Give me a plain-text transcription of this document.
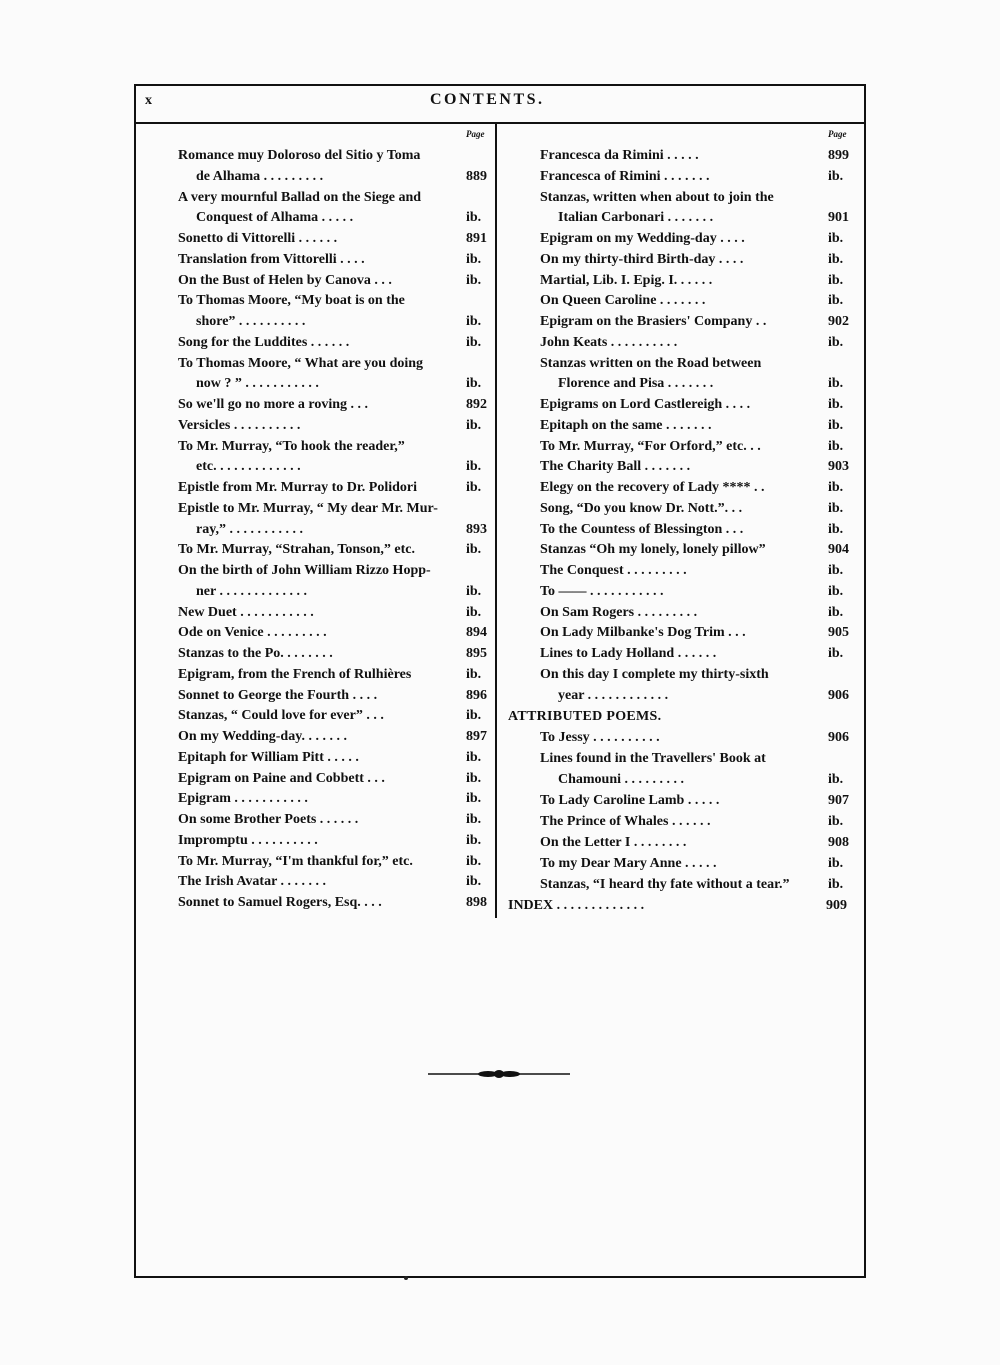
x	CONTENTS.
Page	Page
Romance muy Doloroso del Sitio y Toma
de Alhama . . . . . . . . .	889
A very mournful Ballad on the Siege and
Conquest of Alhama . . . . .	ib.
Sonetto di Vittorelli . . . . . .	891
Translation from Vittorelli . . . .	ib.
On the Bust of Helen by Canova . . .	ib.
To Thomas Moore, “My boat is on the
shore” . . . . . . . . . .	ib.
Song for the Luddites . . . . . .	ib.
To Thomas Moore, “ What are you doing
now ? ” . . . . . . . . . . .	ib.
So we'll go no more a roving . . .	892
Versicles . . . . . . . . . .	ib.
To Mr. Murray, “To hook the reader,”
etc. . . . . . . . . . . . .	ib.
Epistle from Mr. Murray to Dr. Polidori	ib.
Epistle to Mr. Murray, “ My dear Mr. Mur-
ray,” . . . . . . . . . . .	893
To Mr. Murray, “Strahan, Tonson,” etc.	ib.
On the birth of John William Rizzo Hopp-
ner . . . . . . . . . . . . .	ib.
New Duet . . . . . . . . . . .	ib.
Ode on Venice . . . . . . . . .	894
Stanzas to the Po. . . . . . . .	895
Epigram, from the French of Rulhières	ib.
Sonnet to George the Fourth . . . .	896
Stanzas, “ Could love for ever” . . .	ib.
On my Wedding-day. . . . . . .	897
Epitaph for William Pitt . . . . .	ib.
Epigram on Paine and Cobbett . . .	ib.
Epigram . . . . . . . . . . .	ib.
On some Brother Poets . . . . . .	ib.
Impromptu . . . . . . . . . .	ib.
To Mr. Murray, “I'm thankful for,” etc.	ib.
The Irish Avatar . . . . . . .	ib.
Sonnet to Samuel Rogers, Esq. . . .	898
Francesca da Rimini . . . . .	899
Francesca of Rimini . . . . . . .	ib.
Stanzas, written when about to join the
Italian Carbonari . . . . . . .	901
Epigram on my Wedding-day . . . .	ib.
On my thirty-third Birth-day . . . .	ib.
Martial, Lib. I. Epig. I. . . . . .	ib.
On Queen Caroline . . . . . . .	ib.
Epigram on the Brasiers' Company . .	902
John Keats . . . . . . . . . .	ib.
Stanzas written on the Road between
Florence and Pisa . . . . . . .	ib.
Epigrams on Lord Castlereigh . . . .	ib.
Epitaph on the same . . . . . . .	ib.
To Mr. Murray, “For Orford,” etc. . .	ib.
The Charity Ball . . . . . . .	903
Elegy on the recovery of Lady **** . .	ib.
Song, “Do you know Dr. Nott.”. . .	ib.
To the Countess of Blessington . . .	ib.
Stanzas “Oh my lonely, lonely pillow”	904
The Conquest . . . . . . . . .	ib.
To —— . . . . . . . . . . .	ib.
On Sam Rogers . . . . . . . . .	ib.
On Lady Milbanke's Dog Trim . . .	905
Lines to Lady Holland . . . . . .	ib.
On this day I complete my thirty-sixth
year . . . . . . . . . . . .	906
ATTRIBUTED POEMS.
To Jessy . . . . . . . . . .	906
Lines found in the Travellers' Book at
Chamouni . . . . . . . . .	ib.
To Lady Caroline Lamb . . . . .	907
The Prince of Whales . . . . . .	ib.
On the Letter I . . . . . . . .	908
To my Dear Mary Anne . . . . .	ib.
Stanzas, “I heard thy fate without a tear.”	ib.
INDEX . . . . . . . . . . . . .	909
